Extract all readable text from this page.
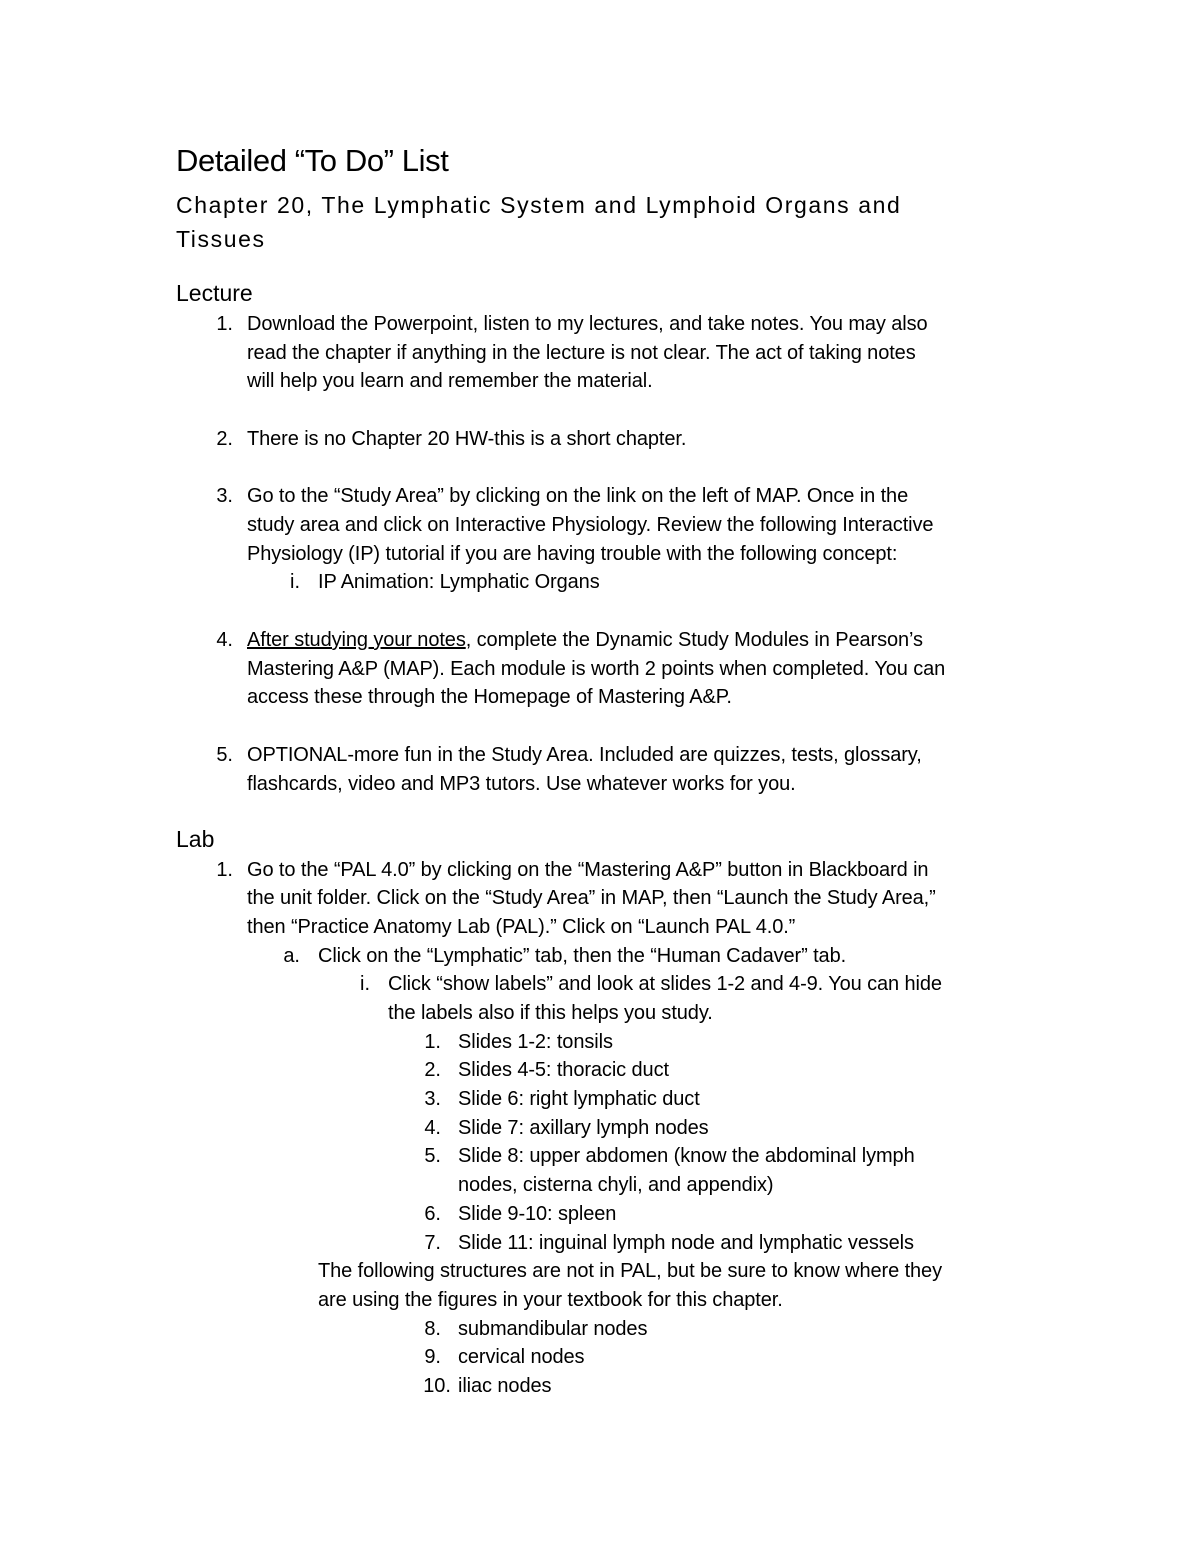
Detailed “To Do” List
Chapter 20, The Lymphatic System and Lymphoid Organs and Tissues
Lecture
1. Download the Powerpoint, listen to my lectures, and take notes. You may also
read the chapter if anything in the lecture is not clear. The act of taking notes
will help you learn and remember the material.
2. There is no Chapter 20 HW-this is a short chapter.
3. Go to the “Study Area” by clicking on the link on the left of MAP. Once in the
study area and click on Interactive Physiology. Review the following Interactive
Physiology (IP) tutorial if you are having trouble with the following concept:
i. IP Animation: Lymphatic Organs
4. After studying your notes, complete the Dynamic Study Modules in Pearson’s
Mastering A&P (MAP). Each module is worth 2 points when completed. You can
access these through the Homepage of Mastering A&P.
5. OPTIONAL-more fun in the Study Area. Included are quizzes, tests, glossary,
flashcards, video and MP3 tutors. Use whatever works for you.
Lab
1. Go to the “PAL 4.0” by clicking on the “Mastering A&P” button in Blackboard in
the unit folder. Click on the “Study Area” in MAP, then “Launch the Study Area,”
then “Practice Anatomy Lab (PAL).” Click on “Launch PAL 4.0.”
a. Click on the “Lymphatic” tab, then the “Human Cadaver” tab.
i. Click “show labels” and look at slides 1-2 and 4-9. You can hide
the labels also if this helps you study.
1. Slides 1-2: tonsils
2. Slides 4-5: thoracic duct
3. Slide 6: right lymphatic duct
4. Slide 7: axillary lymph nodes
5. Slide 8: upper abdomen (know the abdominal lymph
nodes, cisterna chyli, and appendix)
6. Slide 9-10: spleen
7. Slide 11: inguinal lymph node and lymphatic vessels
The following structures are not in PAL, but be sure to know where they
are using the figures in your textbook for this chapter.
8. submandibular nodes
9. cervical nodes
10. iliac nodes
